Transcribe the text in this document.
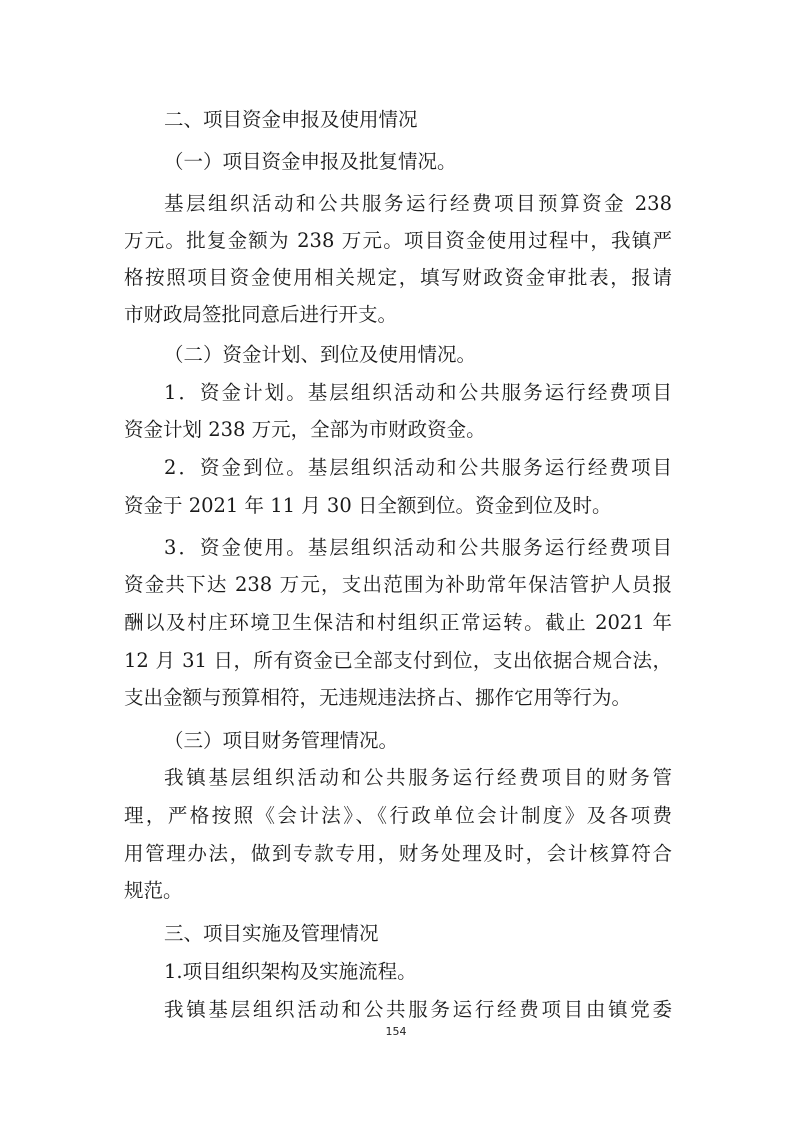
二、项目资金申报及使用情况
（一）项目资金申报及批复情况。
基层组织活动和公共服务运行经费项目预算资金 238
万元。批复金额为 238 万元。项目资金使用过程中，我镇严
格按照项目资金使用相关规定，填写财政资金审批表，报请
市财政局签批同意后进行开支。
（二）资金计划、到位及使用情况。
1．资金计划。基层组织活动和公共服务运行经费项目
资金计划 238 万元，全部为市财政资金。
2．资金到位。基层组织活动和公共服务运行经费项目
资金于 2021 年 11 月 30 日全额到位。资金到位及时。
3．资金使用。基层组织活动和公共服务运行经费项目
资金共下达 238 万元，支出范围为补助常年保洁管护人员报
酬以及村庄环境卫生保洁和村组织正常运转。截止 2021 年
12 月 31 日，所有资金已全部支付到位，支出依据合规合法，
支出金额与预算相符，无违规违法挤占、挪作它用等行为。
（三）项目财务管理情况。
我镇基层组织活动和公共服务运行经费项目的财务管
理，严格按照《会计法》、《行政单位会计制度》及各项费
用管理办法，做到专款专用，财务处理及时，会计核算符合
规范。
三、项目实施及管理情况
1.项目组织架构及实施流程。
我镇基层组织活动和公共服务运行经费项目由镇党委
154
